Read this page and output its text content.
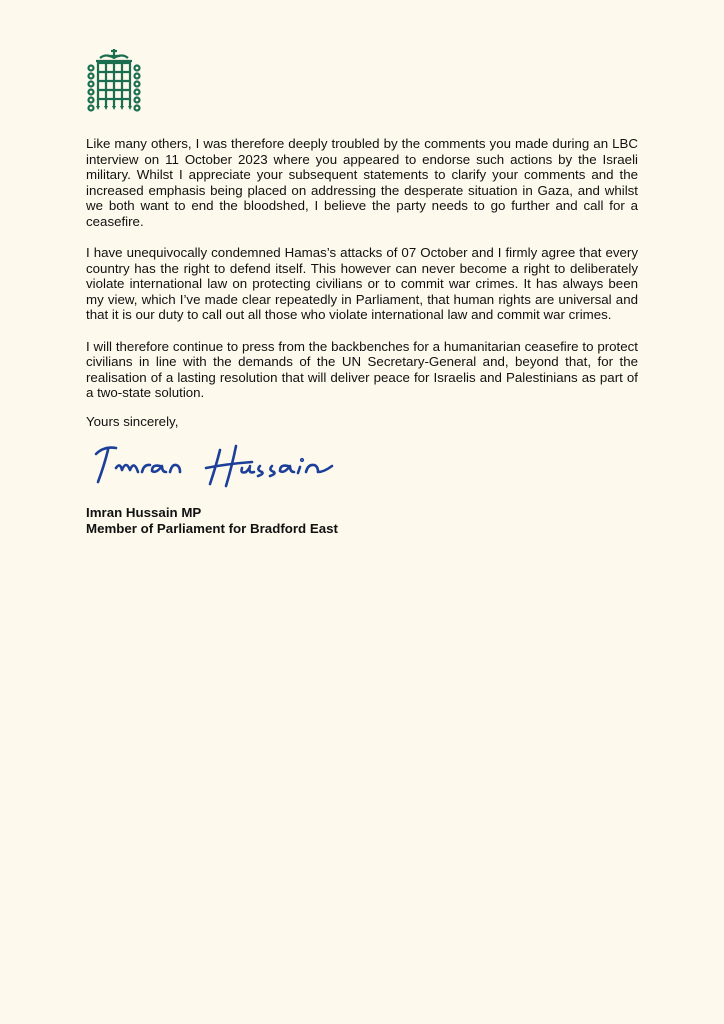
Like many others, I was therefore deeply troubled by the comments you made during an LBC interview on 11 October 2023 where you appeared to endorse such actions by the Israeli military. Whilst I appreciate your subsequent statements to clarify your comments and the increased emphasis being placed on addressing the desperate situation in Gaza, and whilst we both want to end the bloodshed, I believe the party needs to go further and call for a ceasefire.

I have unequivocally condemned Hamas’s attacks of 07 October and I firmly agree that every country has the right to defend itself. This however can never become a right to deliberately violate international law on protecting civilians or to commit war crimes. It has always been my view, which I’ve made clear repeatedly in Parliament, that human rights are universal and that it is our duty to call out all those who violate international law and commit war crimes.

I will therefore continue to press from the backbenches for a humanitarian ceasefire to protect civilians in line with the demands of the UN Secretary-General and, beyond that, for the realisation of a lasting resolution that will deliver peace for Israelis and Palestinians as part of a two-state solution.

Yours sincerely,
Imran Hussain MP
Member of Parliament for Bradford East
